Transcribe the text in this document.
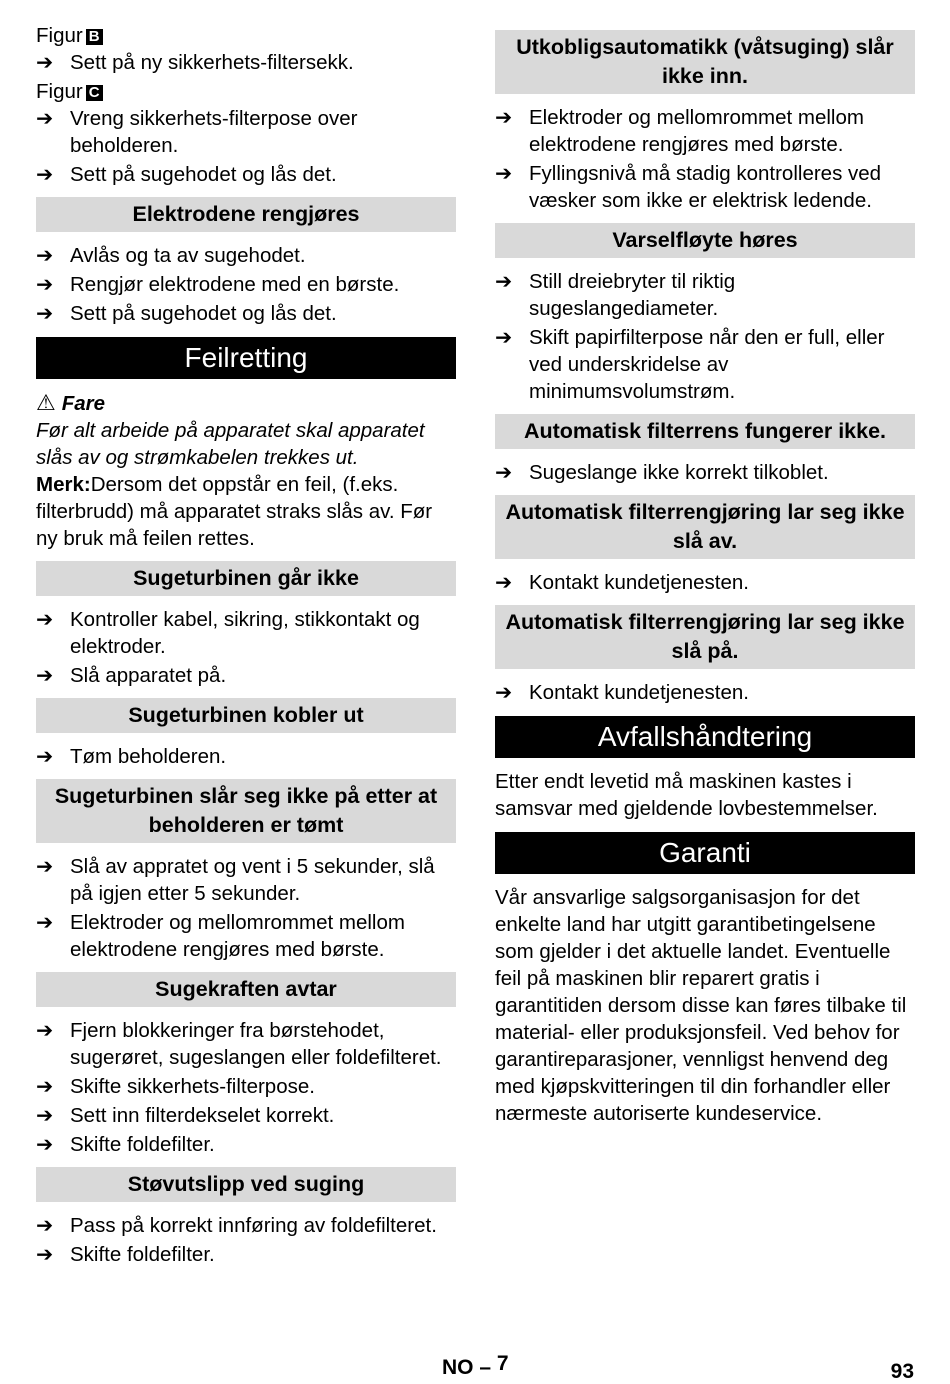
Figur B

➔ Sett på ny sikkerhets-filtersekk.

Figur C

➔ Vreng sikkerhets-filterpose over beholderen.
➔ Sett på sugehodet og lås det.
Elektrodene rengjøres
➔ Avlås og ta av sugehodet.
➔ Rengjør elektrodene med en børste.
➔ Sett på sugehodet og lås det.
Feilretting

⚠ Fare

Før alt arbeide på apparatet skal apparatet slås av og strømkabelen trekkes ut.

Merk:Dersom det oppstår en feil, (f.eks. filterbrudd) må apparatet straks slås av. Før ny bruk må feilen rettes.

Sugeturbinen går ikke
➔ Kontroller kabel, sikring, stikkontakt og elektroder.
➔ Slå apparatet på.
Sugeturbinen kobler ut
➔ Tøm beholderen.
Sugeturbinen slår seg ikke på etter at beholderen er tømt
➔ Slå av appratet og vent i 5 sekunder, slå på igjen etter 5 sekunder.
➔ Elektroder og mellomrommet mellom elektrodene rengjøres med børste.
Sugekraften avtar
➔ Fjern blokkeringer fra børstehodet, sugerøret, sugeslangen eller foldefilteret.
➔ Skifte sikkerhets-filterpose.
➔ Sett inn filterdekselet korrekt.
➔ Skifte foldefilter.
Støvutslipp ved suging
➔ Pass på korrekt innføring av foldefilteret.
➔ Skifte foldefilter.
Utkobligsautomatikk (våtsuging) slår ikke inn.
➔ Elektroder og mellomrommet mellom elektrodene rengjøres med børste.
➔ Fyllingsnivå må stadig kontrolleres ved væsker som ikke er elektrisk ledende.
Varselfløyte høres
➔ Still dreiebryter til riktig sugeslangediameter.
➔ Skift papirfilterpose når den er full, eller ved underskridelse av minimumsvolumstrøm.
Automatisk filterrens fungerer ikke.
➔ Sugeslange ikke korrekt tilkoblet.
Automatisk filterrengjøring lar seg ikke slå av.
➔ Kontakt kundetjenesten.
Automatisk filterrengjøring lar seg ikke slå på.
➔ Kontakt kundetjenesten.
Avfallshåndtering

Etter endt levetid må maskinen kastes i samsvar med gjeldende lovbestemmelser.

Garanti

Vår ansvarlige salgsorganisasjon for det enkelte land har utgitt garantibetingelsene som gjelder i det aktuelle landet. Eventuelle feil på maskinen blir reparert gratis i garantitiden dersom disse kan føres tilbake til material- eller produksjonsfeil. Ved behov for garantireparasjoner, vennligst henvend deg med kjøpskvitteringen til din forhandler eller nærmeste autoriserte kundeservice.

NO – 7	93
